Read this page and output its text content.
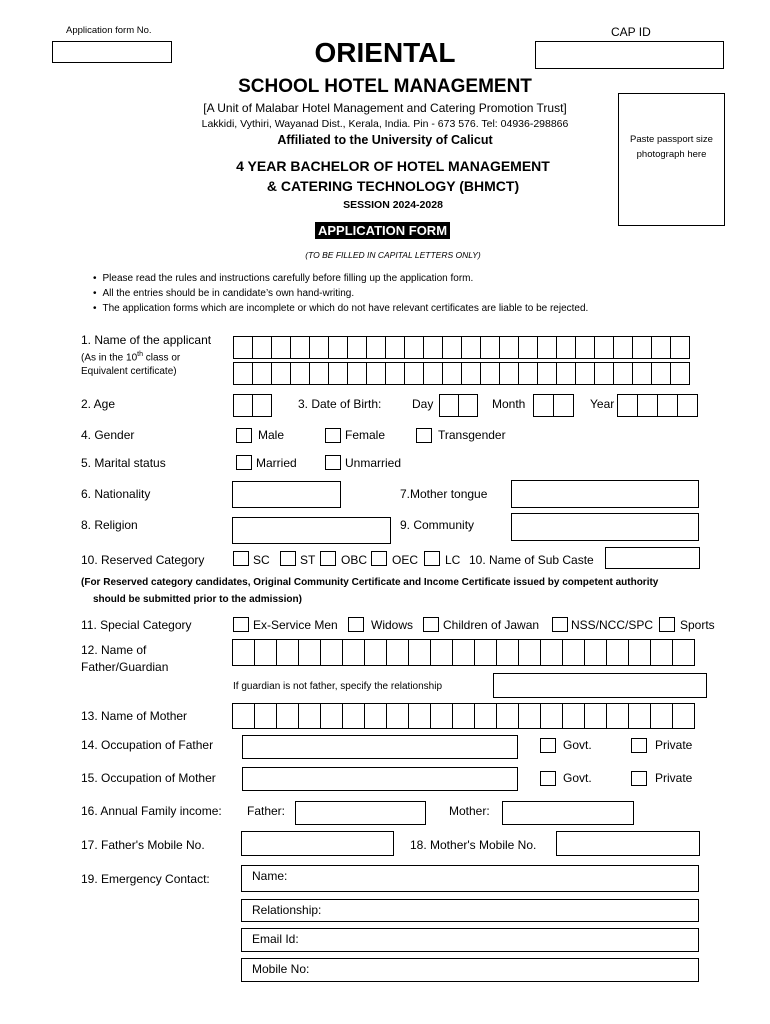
Application form No.	CAP ID
ORIENTAL
SCHOOL HOTEL MANAGEMENT
[A Unit of Malabar Hotel Management and Catering Promotion Trust]
Lakkidi, Vythiri, Wayanad Dist., Kerala, India. Pin - 673 576. Tel: 04936-298866
Affiliated to the University of Calicut
4 YEAR BACHELOR OF HOTEL MANAGEMENT
& CATERING TECHNOLOGY (BHMCT)
SESSION 2024-2028
APPLICATION FORM
(TO BE FILLED IN CAPITAL LETTERS ONLY)
Paste passport size photograph here
• Please read the rules and instructions carefully before filling up the application form.
• All the entries should be in candidate’s own hand-writing.
• The application forms which are incomplete or which do not have relevant certificates are liable to be rejected.
1. Name of the applicant
(As in the 10th class or
Equivalent certificate)
2. Age	3. Date of Birth:	Day	Month	Year
4. Gender	Male	Female	Transgender
5. Marital status	Married	Unmarried
6. Nationality	7.Mother tongue
8. Religion	9. Community
10. Reserved Category	SC	ST OBC OEC LC 10. Name of Sub Caste
(For Reserved category candidates, Original Community Certificate and Income Certificate issued by competent authority
should be submitted prior to the admission)
11. Special Category	Ex-Service Men	Widows Children of Jawan	NSS/NCC/SPC Sports
12. Name of
Father/Guardian
If guardian is not father, specify the relationship
13. Name of Mother
14. Occupation of Father	Govt.	Private
15. Occupation of Mother	Govt.	Private
16. Annual Family income: Father:	Mother:
17. Father's Mobile No.	18. Mother's Mobile No.
19. Emergency Contact:	Name:
Relationship:
Email Id:
Mobile No:
